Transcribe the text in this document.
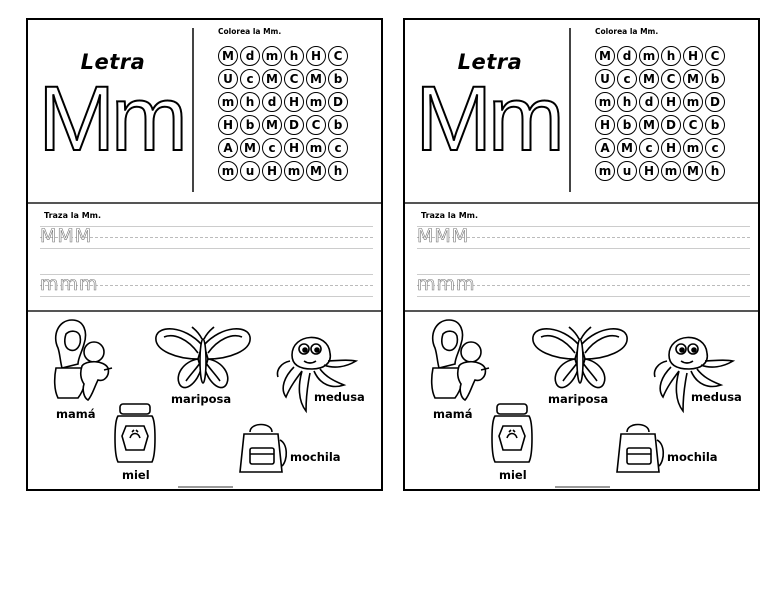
Letra
Mm
Colorea la Mm.
M d m h	H	C
U	c	M C M b
m h	d	H m D
H	b M D	C	b
A M	c	H m	c
m u	H m M h
Traza la Mm.
MMM
mmm
mamá
mariposa	medusa
miel
mochila
Letra
Mm
Colorea la Mm.
M d m h	H	C
U	c	M C M b
m h	d	H m D
H	b M D	C	b
A M	c	H m	c
m u	H m M h
Traza la Mm.
MMM
mmm
mamá
mariposa	medusa
miel
mochila
